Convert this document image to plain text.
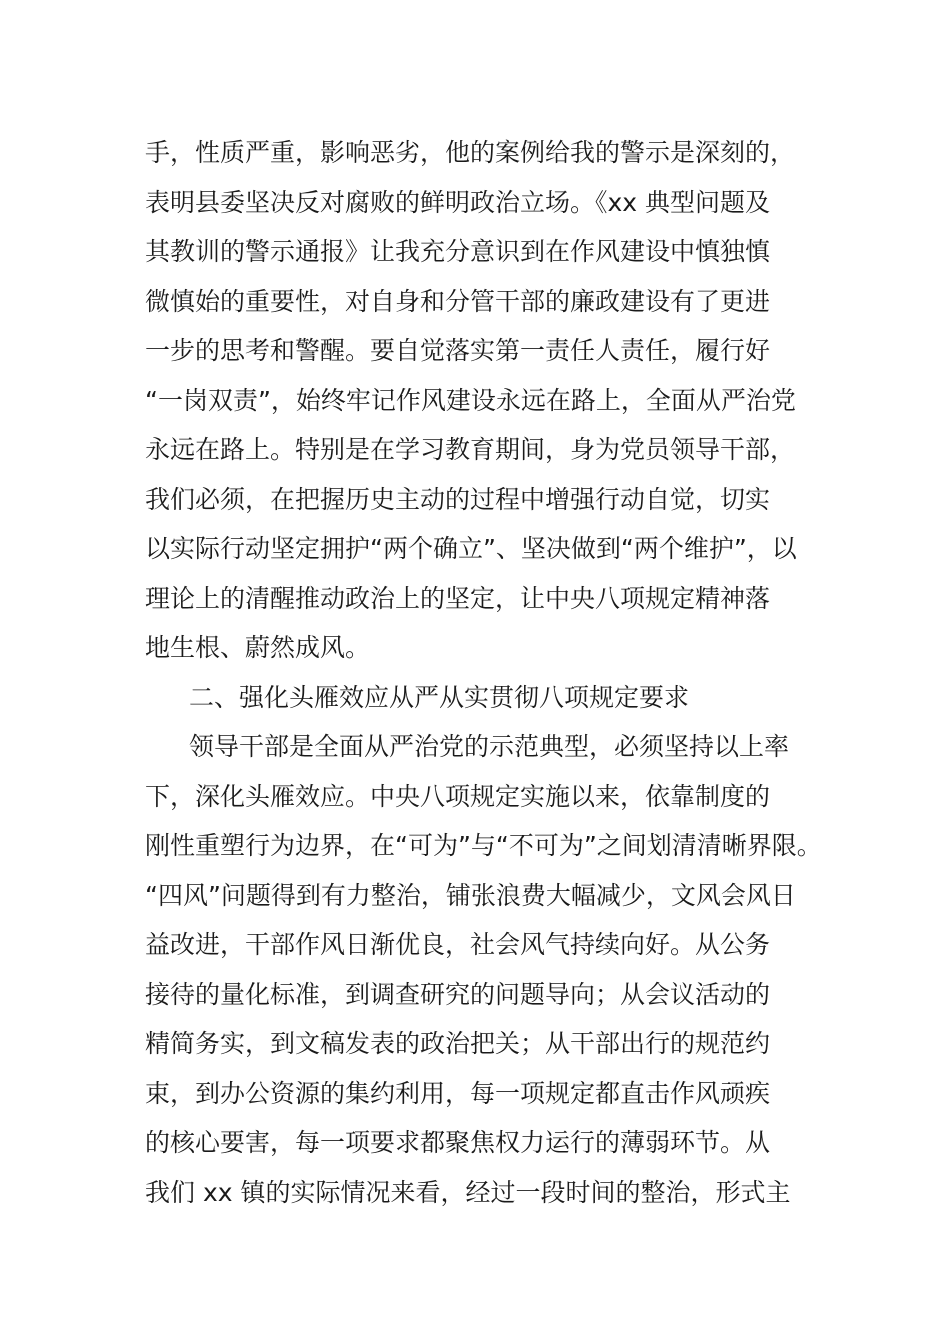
手，性质严重，影响恶劣，他的案例给我的警示是深刻的，
表明县委坚决反对腐败的鲜明政治立场。《xx 典型问题及
其教训的警示通报》让我充分意识到在作风建设中慎独慎
微慎始的重要性，对自身和分管干部的廉政建设有了更进
一步的思考和警醒。要自觉落实第一责任人责任，履行好
“一岗双责”，始终牢记作风建设永远在路上，全面从严治党
永远在路上。特别是在学习教育期间，身为党员领导干部，
我们必须，在把握历史主动的过程中增强行动自觉，切实
以实际行动坚定拥护“两个确立”、坚决做到“两个维护”，以
理论上的清醒推动政治上的坚定，让中央八项规定精神落
地生根、蔚然成风。
二、强化头雁效应从严从实贯彻八项规定要求
领导干部是全面从严治党的示范典型，必须坚持以上率
下，深化头雁效应。中央八项规定实施以来，依靠制度的
刚性重塑行为边界，在“可为”与“不可为”之间划清清晰界限。
“四风”问题得到有力整治，铺张浪费大幅减少，文风会风日
益改进，干部作风日渐优良，社会风气持续向好。从公务
接待的量化标准，到调查研究的问题导向；从会议活动的
精简务实，到文稿发表的政治把关；从干部出行的规范约
束，到办公资源的集约利用，每一项规定都直击作风顽疾
的核心要害，每一项要求都聚焦权力运行的薄弱环节。从
我们 xx 镇的实际情况来看，经过一段时间的整治，形式主
